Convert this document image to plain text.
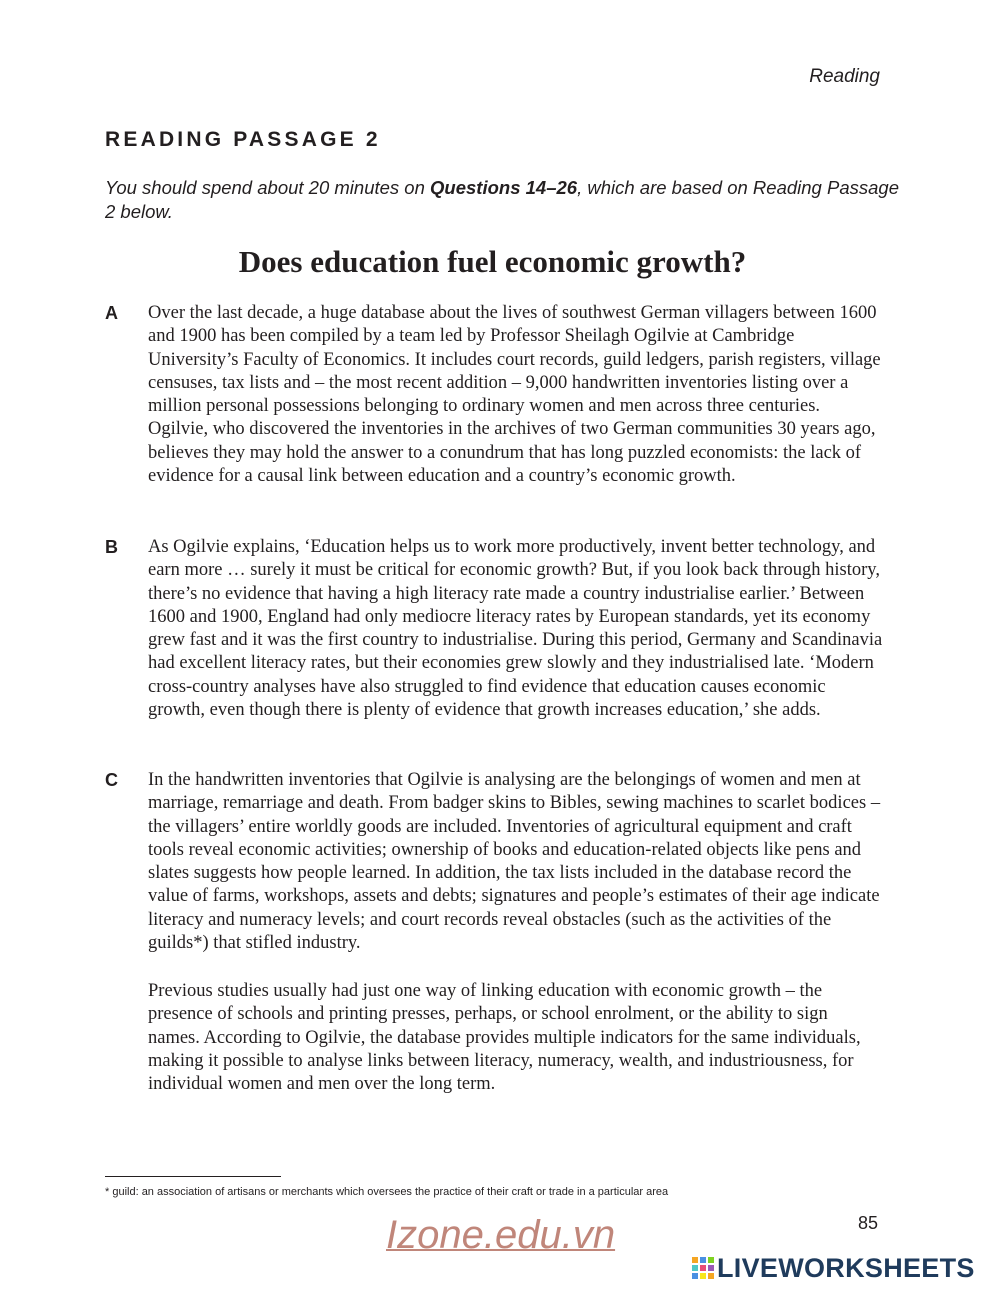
Reading
READING PASSAGE 2
You should spend about 20 minutes on Questions 14–26, which are based on Reading Passage 2 below.
Does education fuel economic growth?
A Over the last decade, a huge database about the lives of southwest German villagers between 1600 and 1900 has been compiled by a team led by Professor Sheilagh Ogilvie at Cambridge University’s Faculty of Economics. It includes court records, guild ledgers, parish registers, village censuses, tax lists and – the most recent addition – 9,000 handwritten inventories listing over a million personal possessions belonging to ordinary women and men across three centuries. Ogilvie, who discovered the inventories in the archives of two German communities 30 years ago, believes they may hold the answer to a conundrum that has long puzzled economists: the lack of evidence for a causal link between education and a country’s economic growth.
B As Ogilvie explains, ‘Education helps us to work more productively, invent better technology, and earn more … surely it must be critical for economic growth? But, if you look back through history, there’s no evidence that having a high literacy rate made a country industrialise earlier.’ Between 1600 and 1900, England had only mediocre literacy rates by European standards, yet its economy grew fast and it was the first country to industrialise. During this period, Germany and Scandinavia had excellent literacy rates, but their economies grew slowly and they industrialised late. ‘Modern cross-country analyses have also struggled to find evidence that education causes economic growth, even though there is plenty of evidence that growth increases education,’ she adds.
C In the handwritten inventories that Ogilvie is analysing are the belongings of women and men at marriage, remarriage and death. From badger skins to Bibles, sewing machines to scarlet bodices – the villagers’ entire worldly goods are included. Inventories of agricultural equipment and craft tools reveal economic activities; ownership of books and education-related objects like pens and slates suggests how people learned. In addition, the tax lists included in the database record the value of farms, workshops, assets and debts; signatures and people’s estimates of their age indicate literacy and numeracy levels; and court records reveal obstacles (such as the activities of the guilds*) that stifled industry.
Previous studies usually had just one way of linking education with economic growth – the presence of schools and printing presses, perhaps, or school enrolment, or the ability to sign names. According to Ogilvie, the database provides multiple indicators for the same individuals, making it possible to analyse links between literacy, numeracy, wealth, and industriousness, for individual women and men over the long term.
* guild: an association of artisans or merchants which oversees the practice of their craft or trade in a particular area
85
Izone.edu.vn
LIVEWORKSHEETS
